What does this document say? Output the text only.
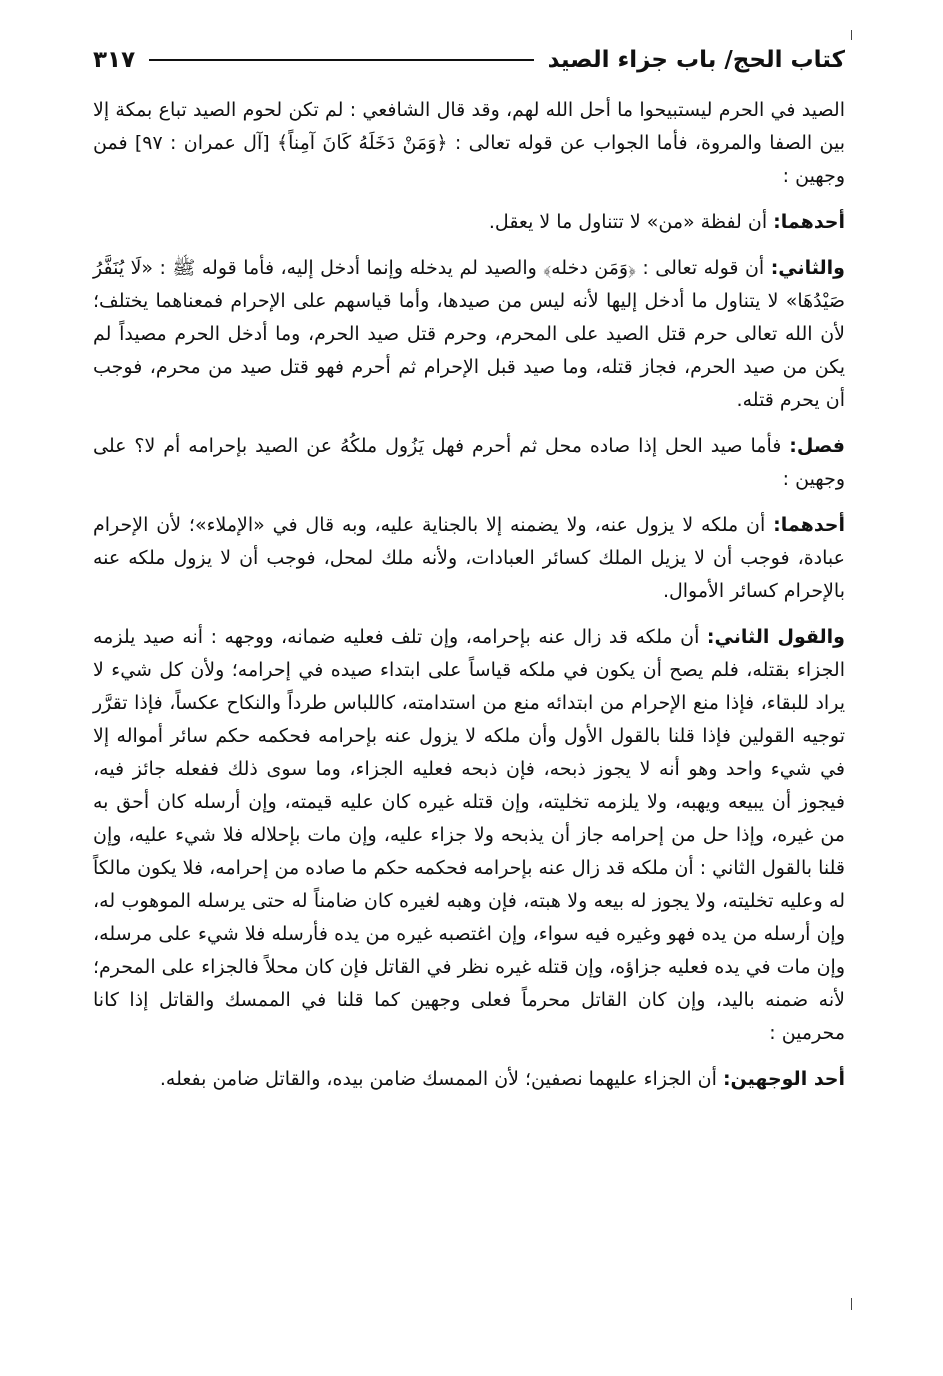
كتاب الحج/ باب جزاء الصيد
٣١٧

الصيد في الحرم ليستبيحوا ما أحل الله لهم، وقد قال الشافعي : لم تكن لحوم الصيد تباع بمكة إلا بين الصفا والمروة، فأما الجواب عن قوله تعالى : ﴿وَمَنْ دَخَلَهُ كَانَ آمِناً﴾ [آل عمران : ٩٧] فمن وجهين :

أحدهما: أن لفظة «من» لا تتناول ما لا يعقل.

والثاني: أن قوله تعالى : ﴿وَمَن دخله﴾ والصيد لم يدخله وإنما أدخل إليه، فأما قوله ﷺ : «لَا يُنَفَّرُ صَيْدُهَا» لا يتناول ما أدخل إليها لأنه ليس من صيدها، وأما قياسهم على الإحرام فمعناهما يختلف؛ لأن الله تعالى حرم قتل الصيد على المحرم، وحرم قتل صيد الحرم، وما أدخل الحرم مصيداً لم يكن من صيد الحرم، فجاز قتله، وما صيد قبل الإحرام ثم أحرم فهو قتل صيد من محرم، فوجب أن يحرم قتله.

فصل: فأما صيد الحل إذا صاده محل ثم أحرم فهل يَزُول ملكُهُ عن الصيد بإحرامه أم لا؟ على وجهين :

أحدهما: أن ملكه لا يزول عنه، ولا يضمنه إلا بالجناية عليه، وبه قال في «الإملاء»؛ لأن الإحرام عبادة، فوجب أن لا يزيل الملك كسائر العبادات، ولأنه ملك لمحل، فوجب أن لا يزول ملكه عنه بالإحرام كسائر الأموال.

والقول الثاني: أن ملكه قد زال عنه بإحرامه، وإن تلف فعليه ضمانه، ووجهه : أنه صيد يلزمه الجزاء بقتله، فلم يصح أن يكون في ملكه قياساً على ابتداء صيده في إحرامه؛ ولأن كل شيء لا يراد للبقاء، فإذا منع الإحرام من ابتدائه منع من استدامته، كاللباس طرداً والنكاح عكساً، فإذا تقرَّر توجيه القولين فإذا قلنا بالقول الأول وأن ملكه لا يزول عنه بإحرامه فحكمه حكم سائر أمواله إلا في شيء واحد وهو أنه لا يجوز ذبحه، فإن ذبحه فعليه الجزاء، وما سوى ذلك ففعله جائز فيه، فيجوز أن يبيعه ويهبه، ولا يلزمه تخليته، وإن قتله غيره كان عليه قيمته، وإن أرسله كان أحق به من غيره، وإذا حل من إحرامه جاز أن يذبحه ولا جزاء عليه، وإن مات بإحلاله فلا شيء عليه، وإن قلنا بالقول الثاني : أن ملكه قد زال عنه بإحرامه فحكمه حكم ما صاده من إحرامه، فلا يكون مالكاً له وعليه تخليته، ولا يجوز له بيعه ولا هبته، فإن وهبه لغيره كان ضامناً له حتى يرسله الموهوب له، وإن أرسله من يده فهو وغيره فيه سواء، وإن اغتصبه غيره من يده فأرسله فلا شيء على مرسله، وإن مات في يده فعليه جزاؤه، وإن قتله غيره نظر في القاتل فإن كان محلاً فالجزاء على المحرم؛ لأنه ضمنه باليد، وإن كان القاتل محرماً فعلى وجهين كما قلنا في الممسك والقاتل إذا كانا محرمين :

أحد الوجهين: أن الجزاء عليهما نصفين؛ لأن الممسك ضامن بيده، والقاتل ضامن بفعله.
